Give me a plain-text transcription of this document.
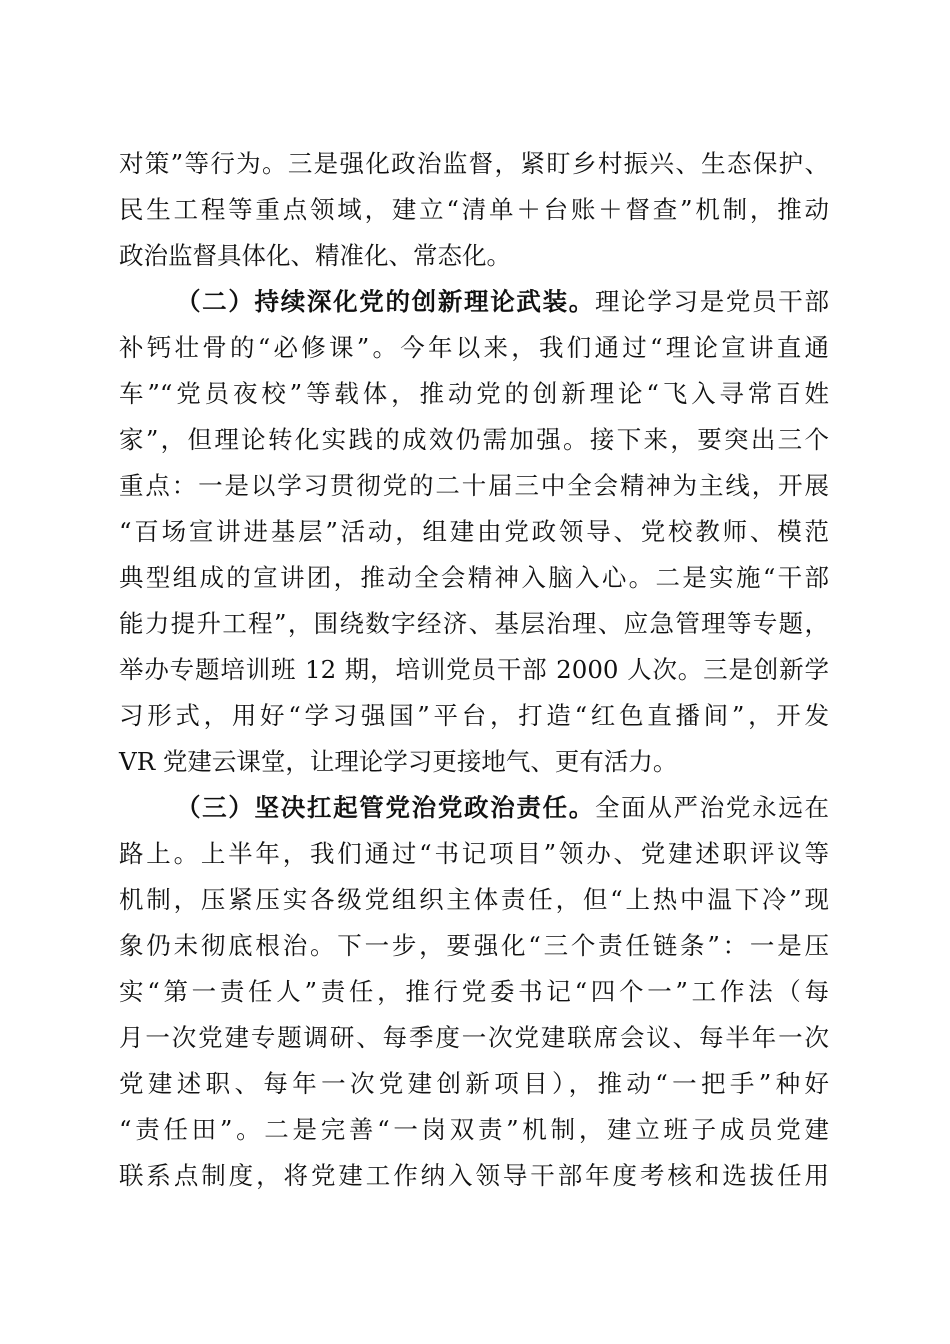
对策”等行为。三是强化政治监督，紧盯乡村振兴、生态保护、
民生工程等重点领域，建立“清单＋台账＋督查”机制，推动
政治监督具体化、精准化、常态化。
（二）持续深化党的创新理论武装。理论学习是党员干部
补钙壮骨的“必修课”。今年以来，我们通过“理论宣讲直通
车”“党员夜校”等载体，推动党的创新理论“飞入寻常百姓
家”，但理论转化实践的成效仍需加强。接下来，要突出三个
重点：一是以学习贯彻党的二十届三中全会精神为主线，开展
“百场宣讲进基层”活动，组建由党政领导、党校教师、模范
典型组成的宣讲团，推动全会精神入脑入心。二是实施“干部
能力提升工程”，围绕数字经济、基层治理、应急管理等专题，
举办专题培训班 12 期，培训党员干部 2000 人次。三是创新学
习形式，用好“学习强国”平台，打造“红色直播间”，开发
VR 党建云课堂，让理论学习更接地气、更有活力。
（三）坚决扛起管党治党政治责任。全面从严治党永远在
路上。上半年，我们通过“书记项目”领办、党建述职评议等
机制，压紧压实各级党组织主体责任，但“上热中温下冷”现
象仍未彻底根治。下一步，要强化“三个责任链条”：一是压
实“第一责任人”责任，推行党委书记“四个一”工作法（每
月一次党建专题调研、每季度一次党建联席会议、每半年一次
党建述职、每年一次党建创新项目），推动“一把手”种好
“责任田”。二是完善“一岗双责”机制，建立班子成员党建
联系点制度，将党建工作纳入领导干部年度考核和选拔任用
